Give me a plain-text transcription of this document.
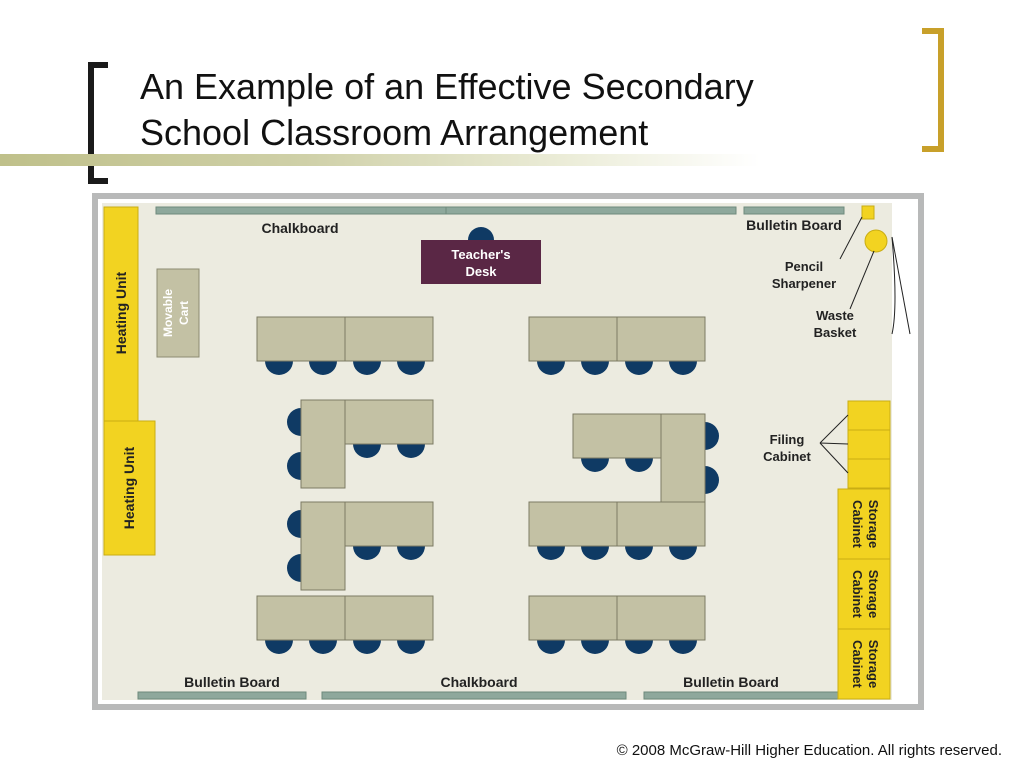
An Example of an Effective Secondary
School Classroom Arrangement
Chalkboard	Bulletin Board
Bulletin Board	Chalkboard	Bulletin Board
Heating Unit
Heating Unit
Movable Cart
Teacher's
Desk	Pencil
Sharpener
Waste
Basket
Filing
Cabinet
Storage
Cabinet
Storage
Cabinet
Storage
Cabinet
© 2008 McGraw-Hill Higher Education. All rights reserved.
